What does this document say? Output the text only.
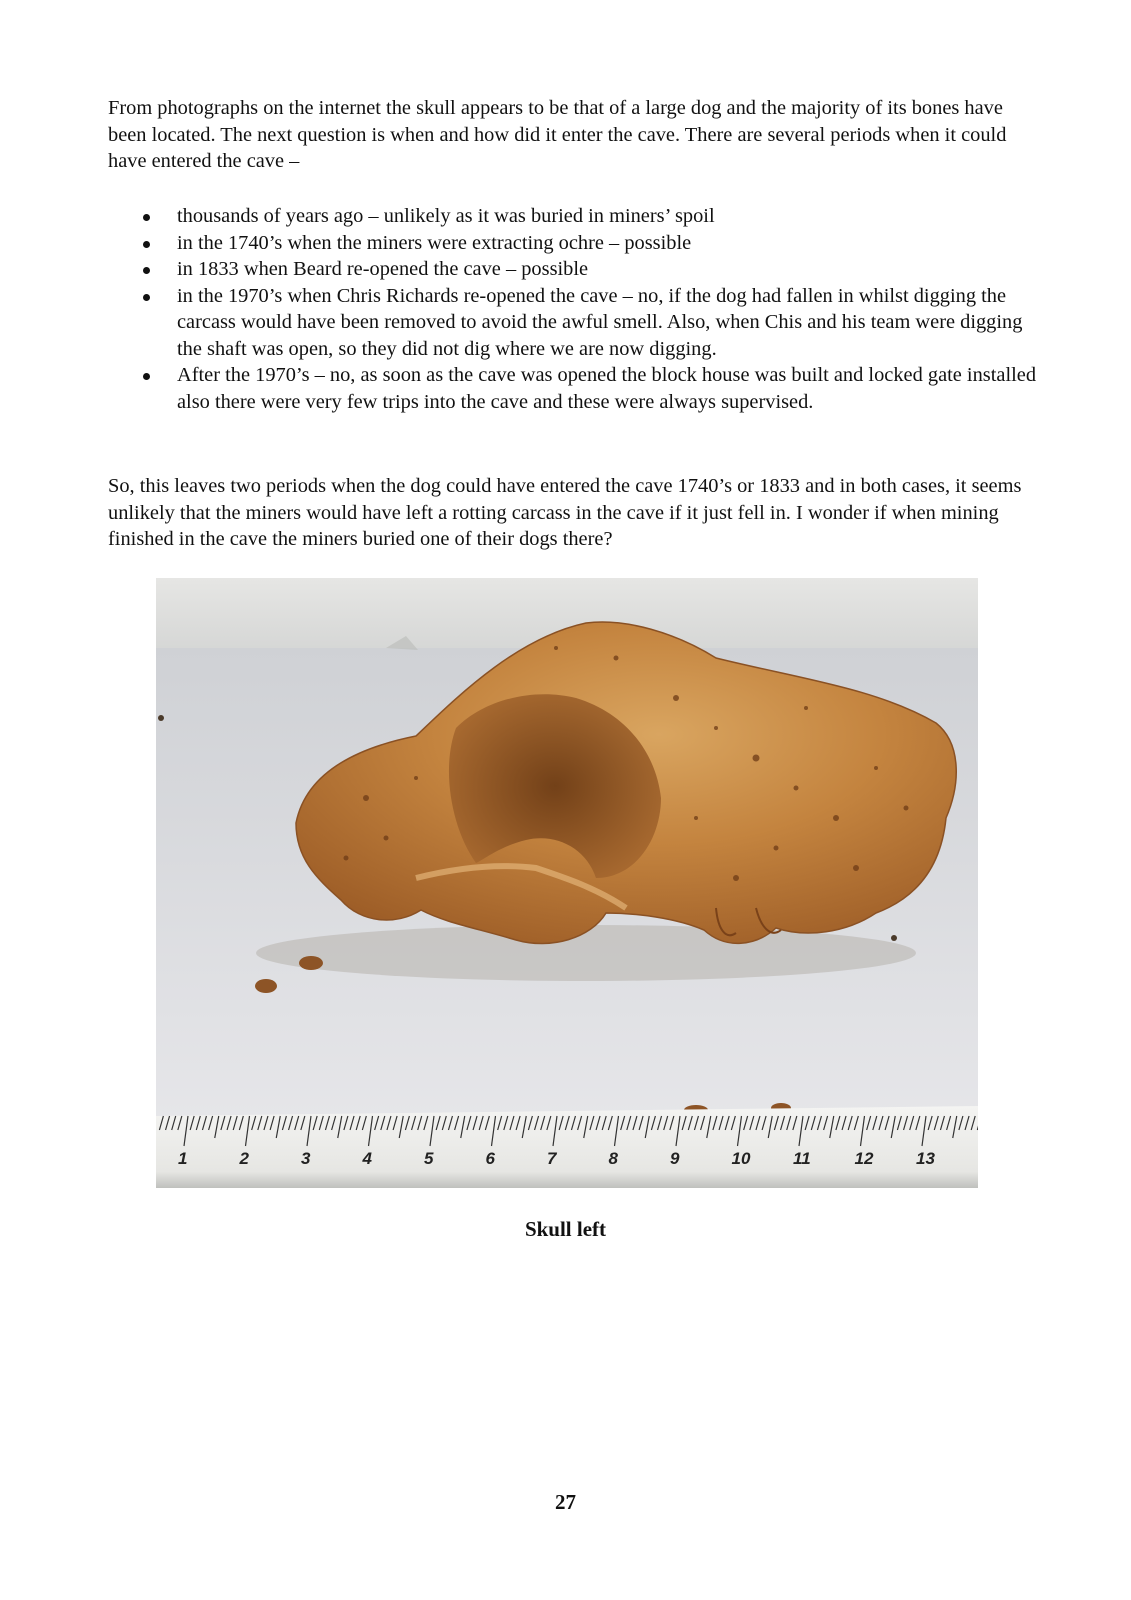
From photographs on the internet the skull appears to be that of a large dog and the majority of its bones have been located. The next question is when and how did it enter the cave. There are several periods when it could have entered the cave –

thousands of years ago – unlikely as it was buried in miners’ spoil
in the 1740’s when the miners were extracting ochre – possible
in 1833 when Beard re-opened the cave – possible
in the 1970’s when Chris Richards re-opened the cave – no, if the dog had fallen in whilst digging the carcass would have been removed to avoid the awful smell. Also, when Chis and his team were digging the shaft was open, so they did not dig where we are now digging.
After the 1970’s – no, as soon as the cave was opened the block house was built and locked gate installed also there were very few trips into the cave and these were always supervised.

So, this leaves two periods when the dog could have entered the cave 1740’s or 1833 and in both cases, it seems unlikely that the miners would have left a rotting carcass in the cave if it just fell in. I wonder if when mining finished in the cave the miners buried one of their dogs there?

1	2	3	4	5	6	7	8	9	10	11	12	13
Skull left
27
